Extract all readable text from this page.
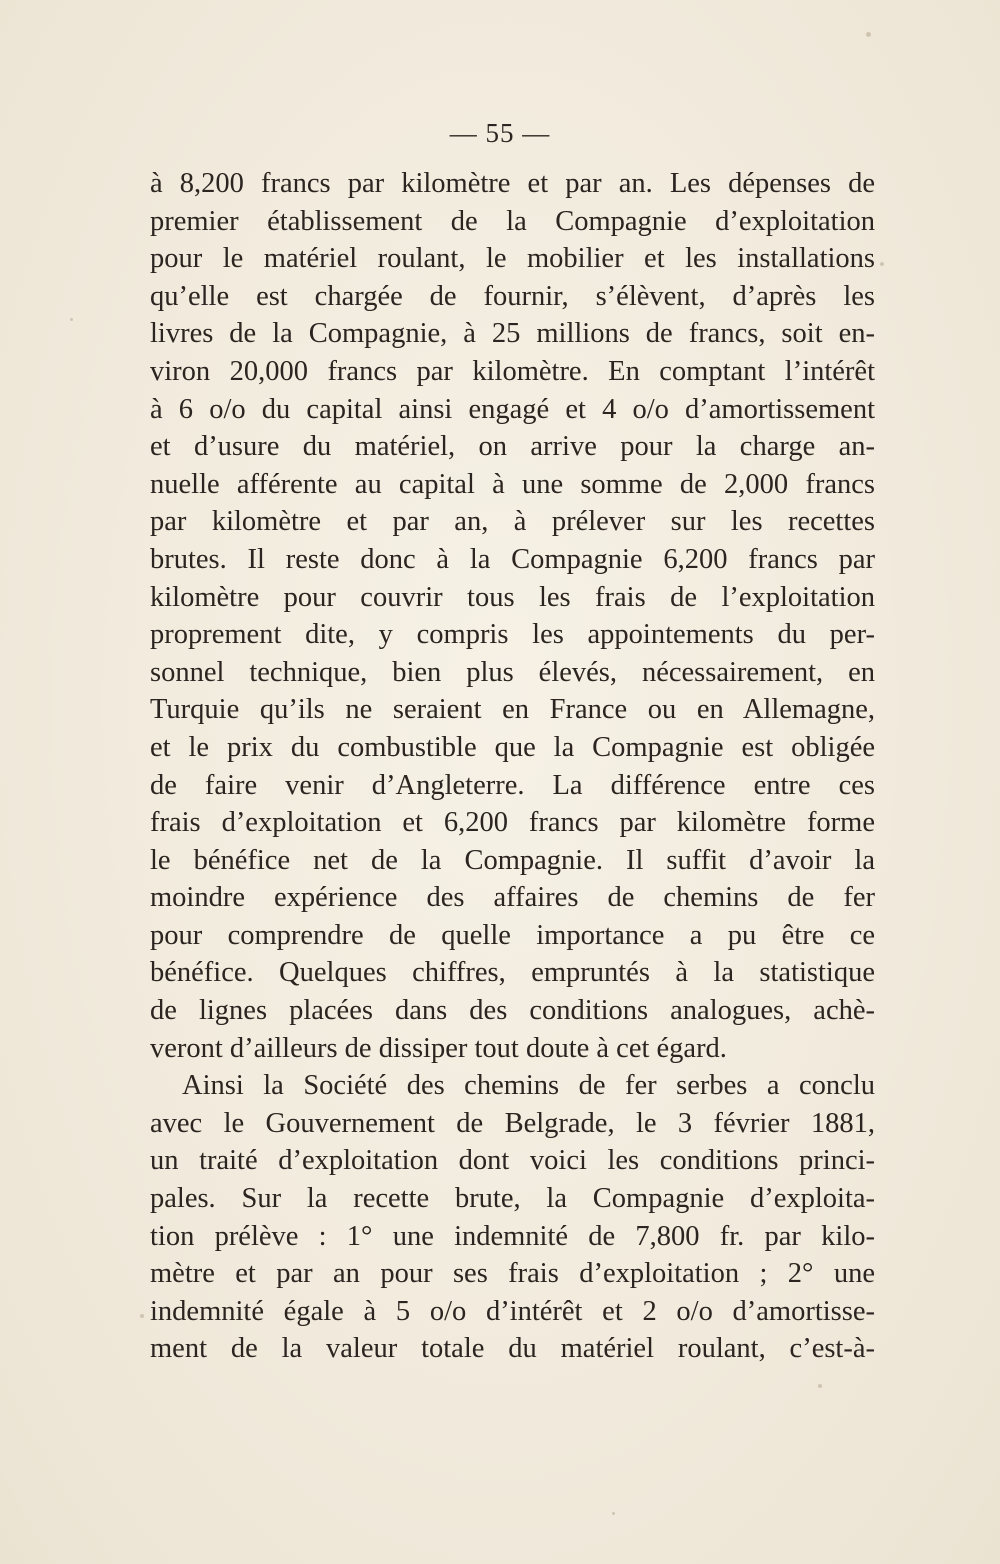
— 55 —
à 8,200 francs par kilomètre et par an. Les dépenses de
premier établissement de la Compagnie d’exploitation
pour le matériel roulant, le mobilier et les installations
qu’elle est chargée de fournir, s’élèvent, d’après les
livres de la Compagnie, à 25 millions de francs, soit en-
viron 20,000 francs par kilomètre. En comptant l’intérêt
à 6 o/o du capital ainsi engagé et 4 o/o d’amortissement
et d’usure du matériel, on arrive pour la charge an-
nuelle afférente au capital à une somme de 2,000 francs
par kilomètre et par an, à prélever sur les recettes
brutes. Il reste donc à la Compagnie 6,200 francs par
kilomètre pour couvrir tous les frais de l’exploitation
proprement dite, y compris les appointements du per-
sonnel technique, bien plus élevés, nécessairement, en
Turquie qu’ils ne seraient en France ou en Allemagne,
et le prix du combustible que la Compagnie est obligée
de faire venir d’Angleterre. La différence entre ces
frais d’exploitation et 6,200 francs par kilomètre forme
le bénéfice net de la Compagnie. Il suffit d’avoir la
moindre expérience des affaires de chemins de fer
pour comprendre de quelle importance a pu être ce
bénéfice. Quelques chiffres, empruntés à la statistique
de lignes placées dans des conditions analogues, achè-
veront d’ailleurs de dissiper tout doute à cet égard.
Ainsi la Société des chemins de fer serbes a conclu
avec le Gouvernement de Belgrade, le 3 février 1881,
un traité d’exploitation dont voici les conditions princi-
pales. Sur la recette brute, la Compagnie d’exploita-
tion prélève : 1° une indemnité de 7,800 fr. par kilo-
mètre et par an pour ses frais d’exploitation ; 2° une
indemnité égale à 5 o/o d’intérêt et 2 o/o d’amortisse-
ment de la valeur totale du matériel roulant, c’est-à-
